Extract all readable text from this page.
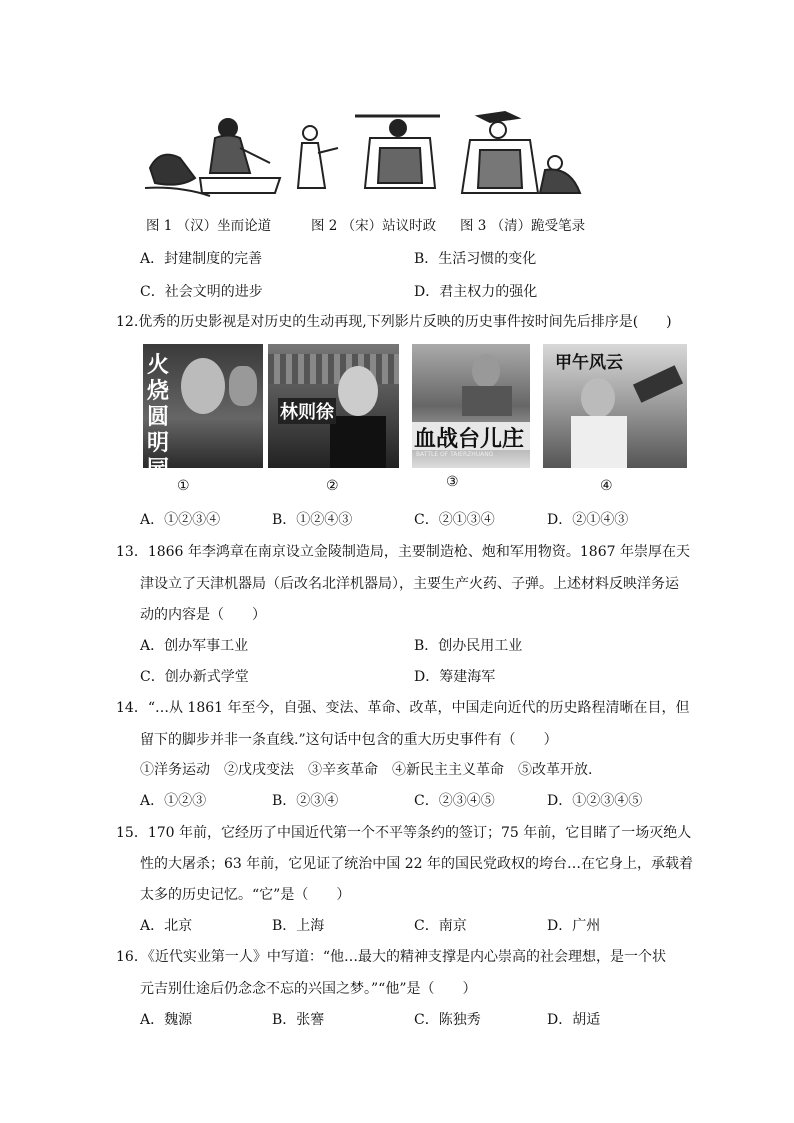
图 1 （汉）坐而论道	图 2 （宋）站议时政 图 3 （清）跪受笔录
A．封建制度的完善	B．生活习惯的变化
C．社会文明的进步	D．君主权力的强化
12.优秀的历史影视是对历史的生动再现,下列影片反映的历史事件按时间先后排序是(　　)
火烧圆明园
林则徐
血战台儿庄
BATTLE OF TAIERZHUANG
甲午风云
①	②	③	④
A．①②③④	B．①②④③	C．②①③④	D．②①④③
13．1866 年李鸿章在南京设立金陵制造局，主要制造枪、炮和军用物资。1867 年崇厚在天
津设立了天津机器局（后改名北洋机器局），主要生产火药、子弹。上述材料反映洋务运
动的内容是（　　）
A．创办军事工业	B．创办民用工业
C．创办新式学堂	D．筹建海军
14．“…从 1861 年至今，自强、变法、革命、改革，中国走向近代的历史路程清晰在目，但
留下的脚步并非一条直线.”这句话中包含的重大历史事件有（　　）
①洋务运动　②戊戌变法　③辛亥革命　④新民主主义革命　⑤改革开放.
A．①②③	B．②③④	C．②③④⑤	D．①②③④⑤
15．170 年前，它经历了中国近代第一个不平等条约的签订；75 年前，它目睹了一场灭绝人
性的大屠杀；63 年前，它见证了统治中国 22 年的国民党政权的垮台…在它身上，承载着
太多的历史记忆。“它”是（　　）
A．北京	B．上海	C．南京	D．广州
16．《近代实业第一人》中写道：“他…最大的精神支撑是内心崇高的社会理想，是一个状
元吉别仕途后仍念念不忘的兴国之梦。”“他”是（　　）
A．魏源	B．张謇	C．陈独秀	D．胡适
